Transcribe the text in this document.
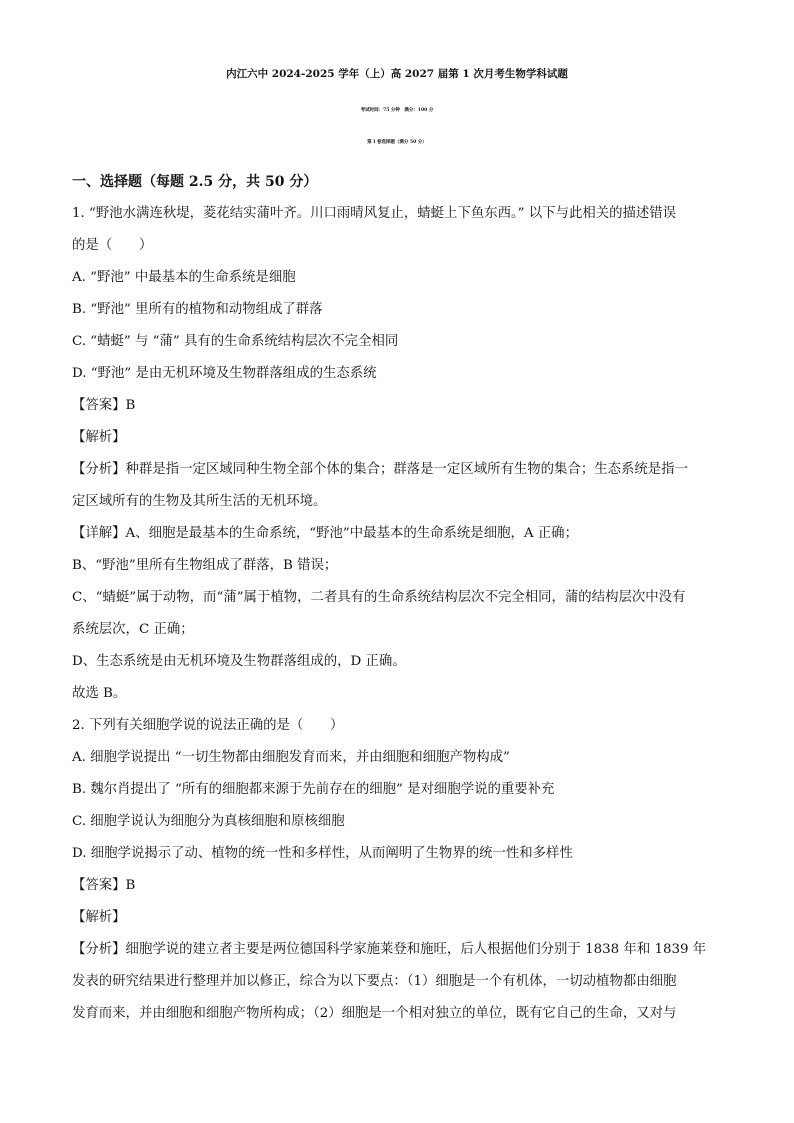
内江六中 2024-2025 学年（上）高 2027 届第 1 次月考生物学科试题
考试时间：75 分钟　满分：100 分
第 I 卷选择题（满分 50 分）
一、选择题（每题 2.5 分，共 50 分）
1. “野池水满连秋堤，菱花结实蒲叶齐。川口雨晴风复止，蜻蜓上下鱼东西。” 以下与此相关的描述错误
的是（　　）
A. “野池” 中最基本的生命系统是细胞
B. “野池” 里所有的植物和动物组成了群落
C. “蜻蜓” 与 “蒲” 具有的生命系统结构层次不完全相同
D. “野池” 是由无机环境及生物群落组成的生态系统
【答案】B
【解析】
【分析】种群是指一定区域同种生物全部个体的集合；群落是一定区域所有生物的集合；生态系统是指一
定区域所有的生物及其所生活的无机环境。
【详解】A、细胞是最基本的生命系统，“野池”中最基本的生命系统是细胞，A 正确；
B、“野池”里所有生物组成了群落，B 错误；
C、“蜻蜓”属于动物，而“蒲”属于植物，二者具有的生命系统结构层次不完全相同，蒲的结构层次中没有
系统层次，C 正确；
D、生态系统是由无机环境及生物群落组成的，D 正确。
故选 B。
2. 下列有关细胞学说的说法正确的是（　　）
A. 细胞学说提出 “一切生物都由细胞发育而来，并由细胞和细胞产物构成”
B. 魏尔肖提出了 “所有的细胞都来源于先前存在的细胞” 是对细胞学说的重要补充
C. 细胞学说认为细胞分为真核细胞和原核细胞
D. 细胞学说揭示了动、植物的统一性和多样性，从而阐明了生物界的统一性和多样性
【答案】B
【解析】
【分析】细胞学说的建立者主要是两位德国科学家施莱登和施旺，后人根据他们分别于 1838 年和 1839 年
发表的研究结果进行整理并加以修正，综合为以下要点：（1）细胞是一个有机体，一切动植物都由细胞
发育而来，并由细胞和细胞产物所构成；（2）细胞是一个相对独立的单位，既有它自己的生命，又对与
